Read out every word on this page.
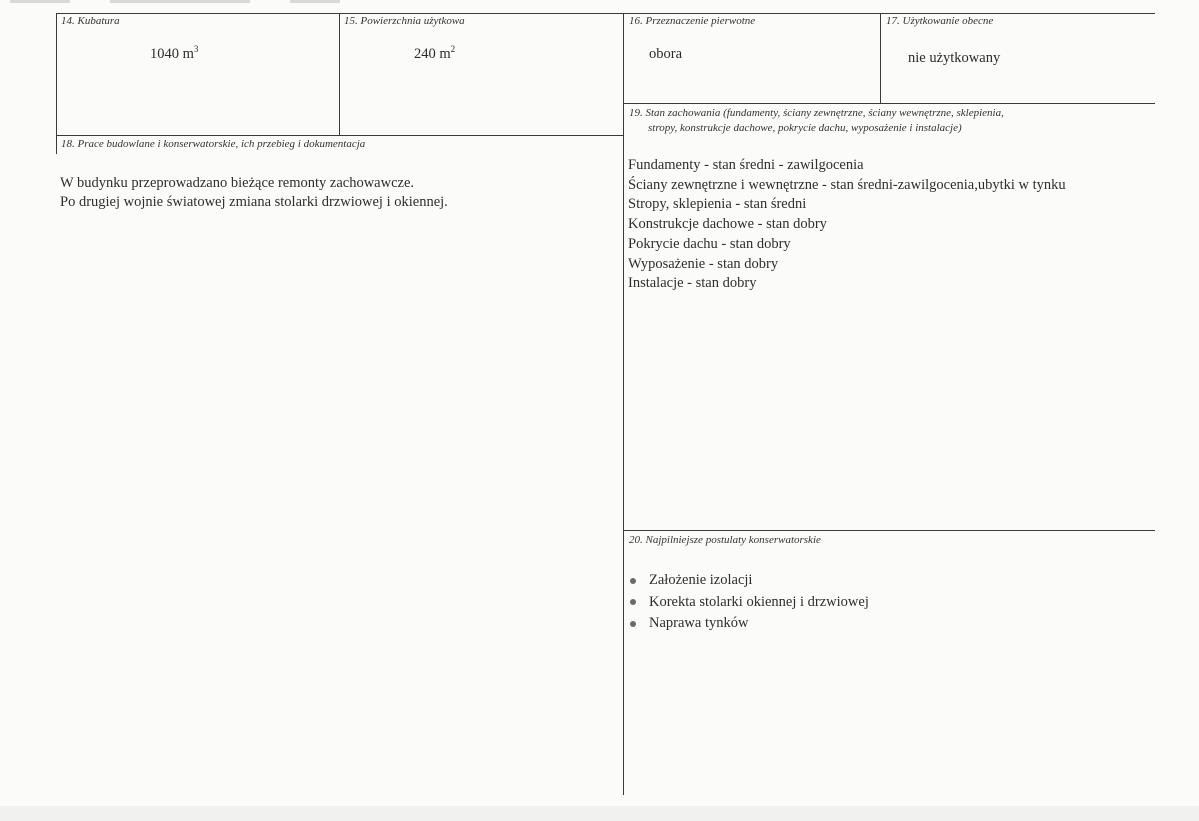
14. Kubatura
1040 $m^3$
15. Powierzchnia użytkowa
240 $m^2$
16. Przeznaczenie pierwotne
obora
17. Użytkowanie obecne
nie użytkowany
18. Prace budowlane i konserwatorskie, ich przebieg i dokumentacja
W budynku przeprowadzano bieżące remonty zachowawcze.
Po drugiej wojnie światowej zmiana stolarki drzwiowej i okiennej.
19. Stan zachowania (fundamenty, ściany zewnętrzne, ściany wewnętrzne, sklepienia,
stropy, konstrukcje dachowe, pokrycie dachu, wyposażenie i instalacje)
Fundamenty - stan średni - zawilgocenia
Ściany zewnętrzne i wewnętrzne - stan średni-zawilgocenia,ubytki w tynku
Stropy, sklepienia - stan średni
Konstrukcje dachowe - stan dobry
Pokrycie dachu - stan dobry
Wyposażenie - stan dobry
Instalacje - stan dobry
20. Najpilniejsze postulaty konserwatorskie
Założenie izolacji
Korekta stolarki okiennej i drzwiowej
Naprawa tynków
